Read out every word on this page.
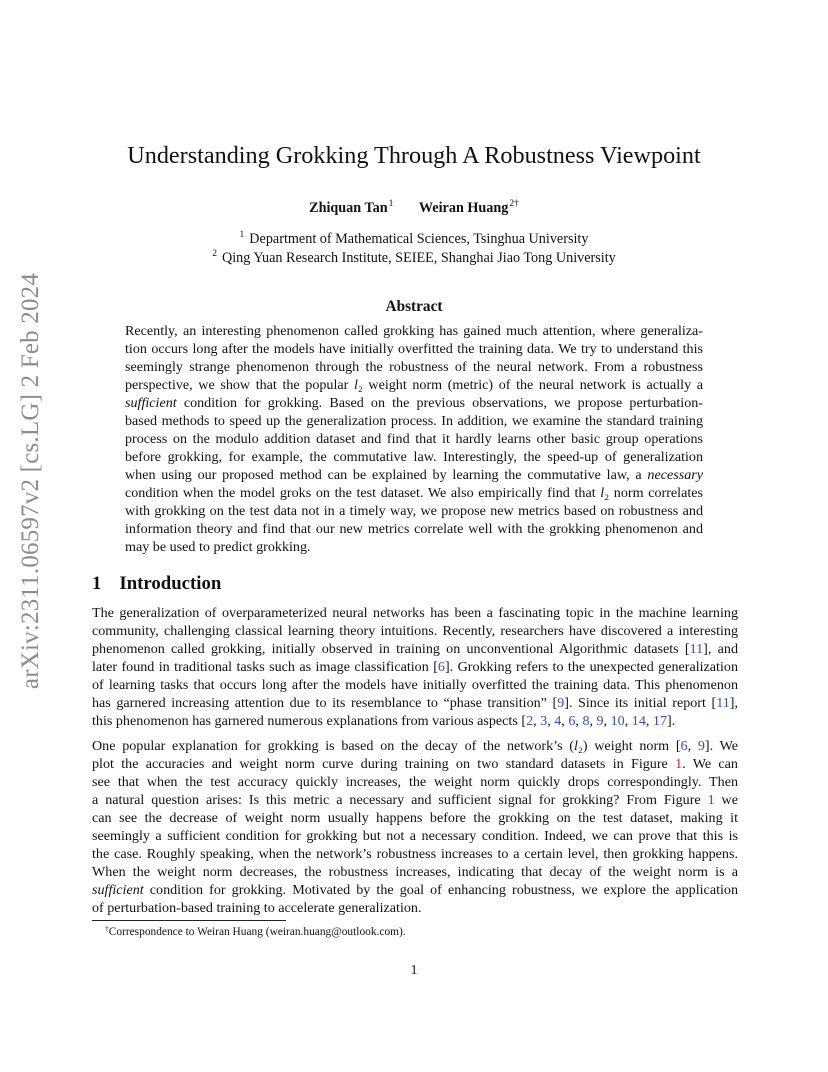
arXiv:2311.06597v2 [cs.LG] 2 Feb 2024
Understanding Grokking Through A Robustness Viewpoint
Zhiquan Tan$^1$ Weiran Huang$^{2\dagger}$
$^1$ Department of Mathematical Sciences, Tsinghua University
$^2$ Qing Yuan Research Institute, SEIEE, Shanghai Jiao Tong University
Abstract
Recently, an interesting phenomenon called grokking has gained much attention, where generaliza-
tion occurs long after the models have initially overfitted the training data. We try to understand this
seemingly strange phenomenon through the robustness of the neural network. From a robustness
perspective, we show that the popular l₂ weight norm (metric) of the neural network is actually a
sufficient condition for grokking. Based on the previous observations, we propose perturbation-
based methods to speed up the generalization process. In addition, we examine the standard training
process on the modulo addition dataset and find that it hardly learns other basic group operations
before grokking, for example, the commutative law. Interestingly, the speed-up of generalization
when using our proposed method can be explained by learning the commutative law, a necessary
condition when the model groks on the test dataset. We also empirically find that l₂ norm correlates
with grokking on the test data not in a timely way, we propose new metrics based on robustness and
information theory and find that our new metrics correlate well with the grokking phenomenon and
may be used to predict grokking.
1 Introduction
The generalization of overparameterized neural networks has been a fascinating topic in the machine learning
community, challenging classical learning theory intuitions. Recently, researchers have discovered a interesting
phenomenon called grokking, initially observed in training on unconventional Algorithmic datasets [11], and
later found in traditional tasks such as image classification [6]. Grokking refers to the unexpected generalization
of learning tasks that occurs long after the models have initially overfitted the training data. This phenomenon
has garnered increasing attention due to its resemblance to “phase transition” [9]. Since its initial report [11],
this phenomenon has garnered numerous explanations from various aspects [2, 3, 4, 6, 8, 9, 10, 14, 17].
One popular explanation for grokking is based on the decay of the network’s (l₂) weight norm [6, 9]. We
plot the accuracies and weight norm curve during training on two standard datasets in Figure 1. We can
see that when the test accuracy quickly increases, the weight norm quickly drops correspondingly. Then
a natural question arises: Is this metric a necessary and sufficient signal for grokking? From Figure 1 we
can see the decrease of weight norm usually happens before the grokking on the test dataset, making it
seemingly a sufficient condition for grokking but not a necessary condition. Indeed, we can prove that this is
the case. Roughly speaking, when the network’s robustness increases to a certain level, then grokking happens.
When the weight norm decreases, the robustness increases, indicating that decay of the weight norm is a
sufficient condition for grokking. Motivated by the goal of enhancing robustness, we explore the application
of perturbation-based training to accelerate generalization.
†Correspondence to Weiran Huang (weiran.huang@outlook.com).
1
